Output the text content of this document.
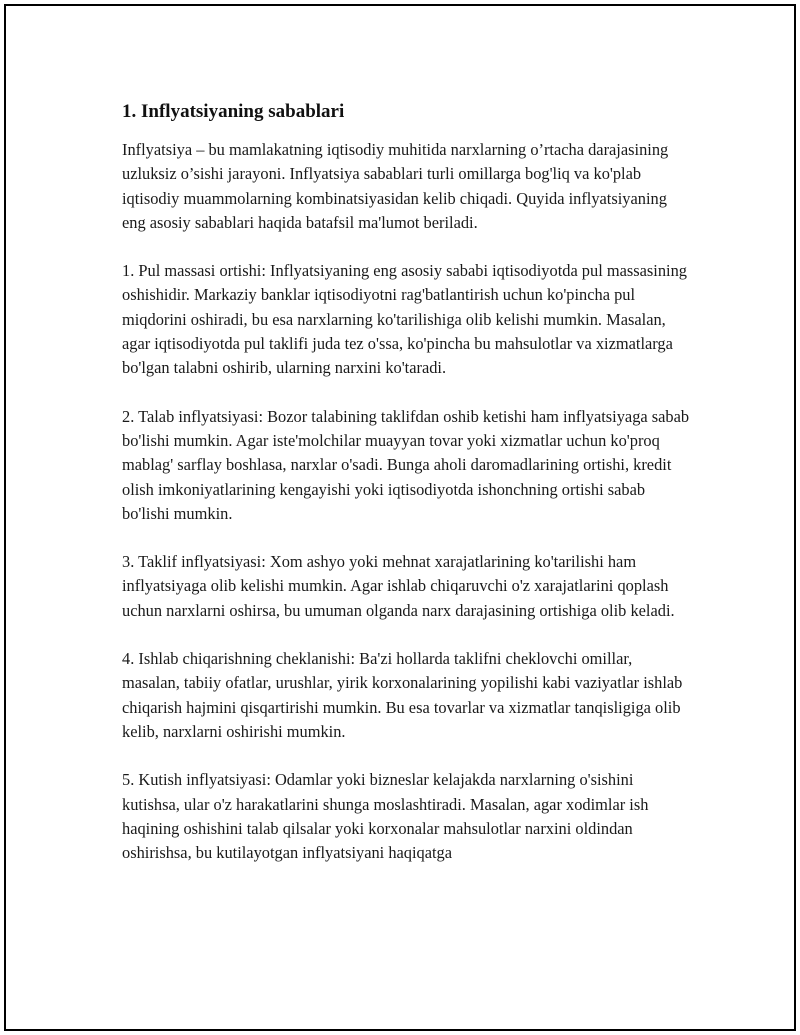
1. Inflyatsiyaning sabablari

Inflyatsiya – bu mamlakatning iqtisodiy muhitida narxlarning o’rtacha darajasining uzluksiz o’sishi jarayoni. Inflyatsiya sabablari turli omillarga bog'liq va ko'plab iqtisodiy muammolarning kombinatsiyasidan kelib chiqadi. Quyida inflyatsiyaning eng asosiy sabablari haqida batafsil ma'lumot beriladi.

1. Pul massasi ortishi: Inflyatsiyaning eng asosiy sababi iqtisodiyotda pul massasining oshishidir. Markaziy banklar iqtisodiyotni rag'batlantirish uchun ko'pincha pul miqdorini oshiradi, bu esa narxlarning ko'tarilishiga olib kelishi mumkin. Masalan, agar iqtisodiyotda pul taklifi juda tez o'ssa, ko'pincha bu mahsulotlar va xizmatlarga bo'lgan talabni oshirib, ularning narxini ko'taradi.

2. Talab inflyatsiyasi: Bozor talabining taklifdan oshib ketishi ham inflyatsiyaga sabab bo'lishi mumkin. Agar iste'molchilar muayyan tovar yoki xizmatlar uchun ko'proq mablag' sarflay boshlasa, narxlar o'sadi. Bunga aholi daromadlarining ortishi, kredit olish imkoniyatlarining kengayishi yoki iqtisodiyotda ishonchning ortishi sabab bo'lishi mumkin.

3. Taklif inflyatsiyasi: Xom ashyo yoki mehnat xarajatlarining ko'tarilishi ham inflyatsiyaga olib kelishi mumkin. Agar ishlab chiqaruvchi o'z xarajatlarini qoplash uchun narxlarni oshirsa, bu umuman olganda narx darajasining ortishiga olib keladi.

4. Ishlab chiqarishning cheklanishi: Ba'zi hollarda taklifni cheklovchi omillar, masalan, tabiiy ofatlar, urushlar, yirik korxonalarining yopilishi kabi vaziyatlar ishlab chiqarish hajmini qisqartirishi mumkin. Bu esa tovarlar va xizmatlar tanqisligiga olib kelib, narxlarni oshirishi mumkin.

5. Kutish inflyatsiyasi: Odamlar yoki bizneslar kelajakda narxlarning o'sishini kutishsa, ular o'z harakatlarini shunga moslashtiradi. Masalan, agar xodimlar ish haqining oshishini talab qilsalar yoki korxonalar mahsulotlar narxini oldindan oshirishsa, bu kutilayotgan inflyatsiyani haqiqatga
